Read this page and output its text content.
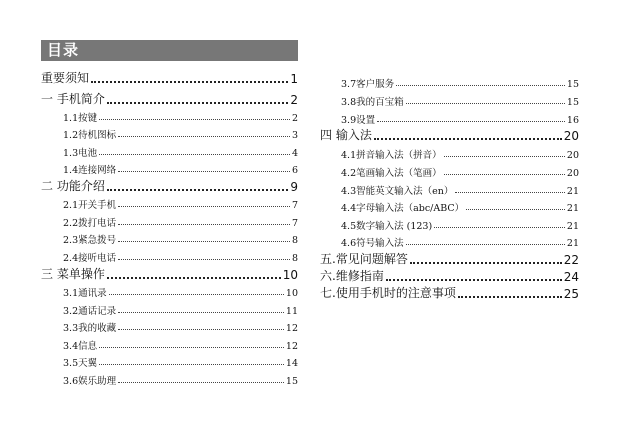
目录
重要须知	1
一 手机简介	2
1.1按键	2
1.2待机图标	3
1.3电池	4
1.4连接网络	6
二 功能介绍	9
2.1开关手机	7
2.2拨打电话	7
2.3紧急拨号	8
2.4接听电话	8
三 菜单操作	10
3.1通讯录	10
3.2通话记录	11
3.3我的收藏	12
3.4信息	12
3.5天翼	14
3.6娱乐助理	15
3.7客户服务	15
3.8我的百宝箱	15
3.9设置	16
四 输入法	20
4.1拼音输入法（拼音）	20
4.2笔画输入法（笔画）	20
4.3智能英文输入法（en）	21
4.4字母输入法（abc/ABC）	21
4.5数字输入法 (123)	21
4.6符号输入法	21
五.常见问题解答	22
六.维修指南	24
七.使用手机时的注意事项	25
